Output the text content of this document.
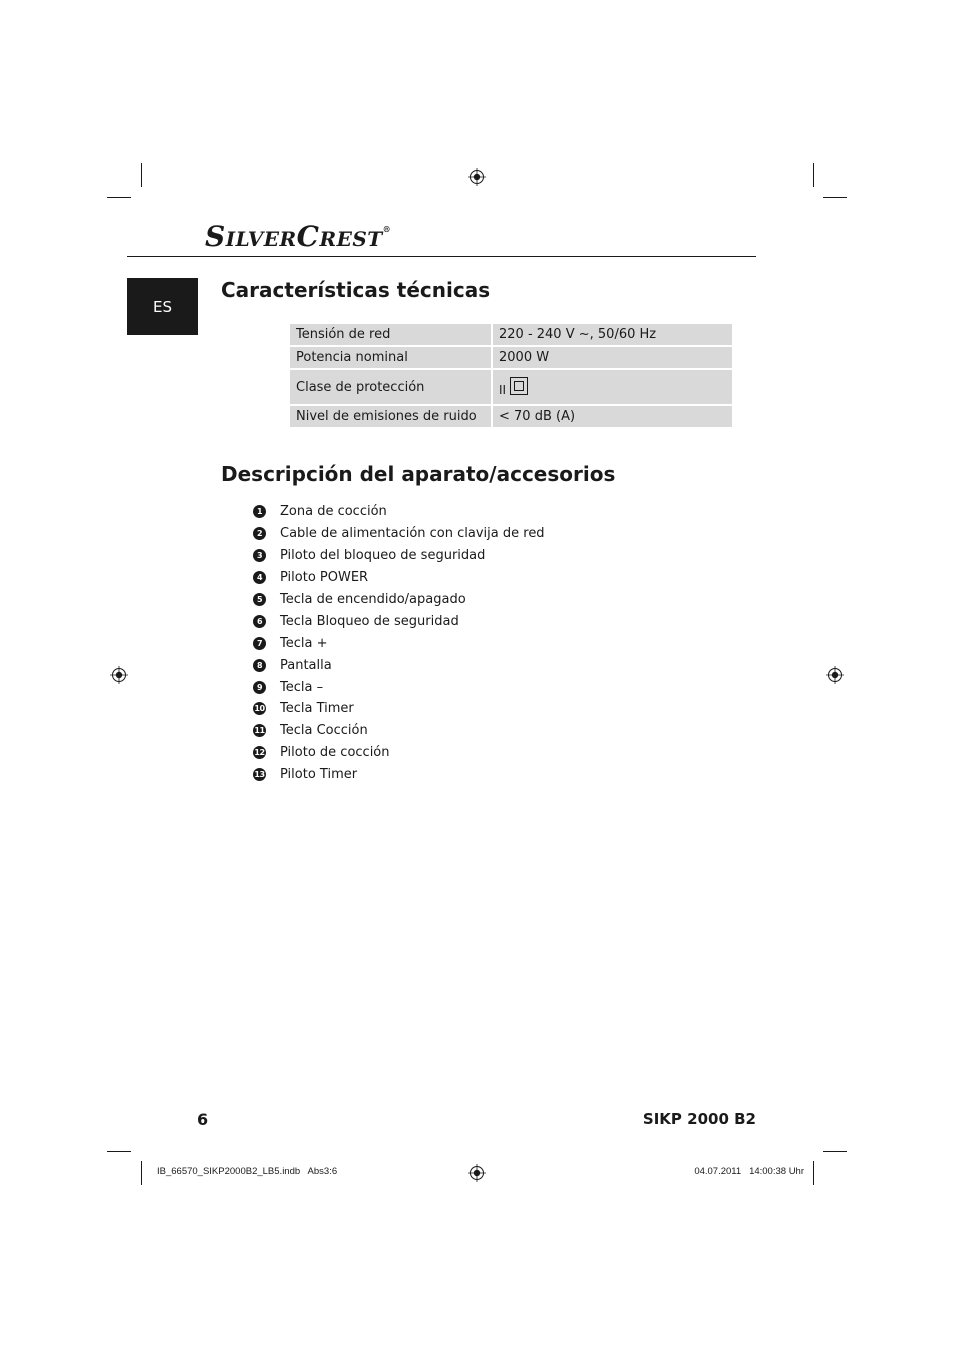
SILVERCREST®
ES
Características técnicas
Tensión de red	220 - 240 V ~, 50/60 Hz
Potencia nominal	2000 W
Clase de protección	II

Nivel de emisiones de ruido	< 70 dB (A)
Descripción del aparato/accesorios
1	Zona de cocción
2	Cable de alimentación con clavija de red
3	Piloto del bloqueo de seguridad
4	Piloto POWER
5	Tecla de encendido/apagado
6	Tecla Bloqueo de seguridad
7	Tecla +
8	Pantalla
9	Tecla –
10 Tecla Timer
11 Tecla Cocción
12 Piloto de cocción
13 Piloto Timer
6	SIKP 2000 B2
IB_66570_SIKP2000B2_LB5.indb   Abs3:6	04.07.2011   14:00:38 Uhr
